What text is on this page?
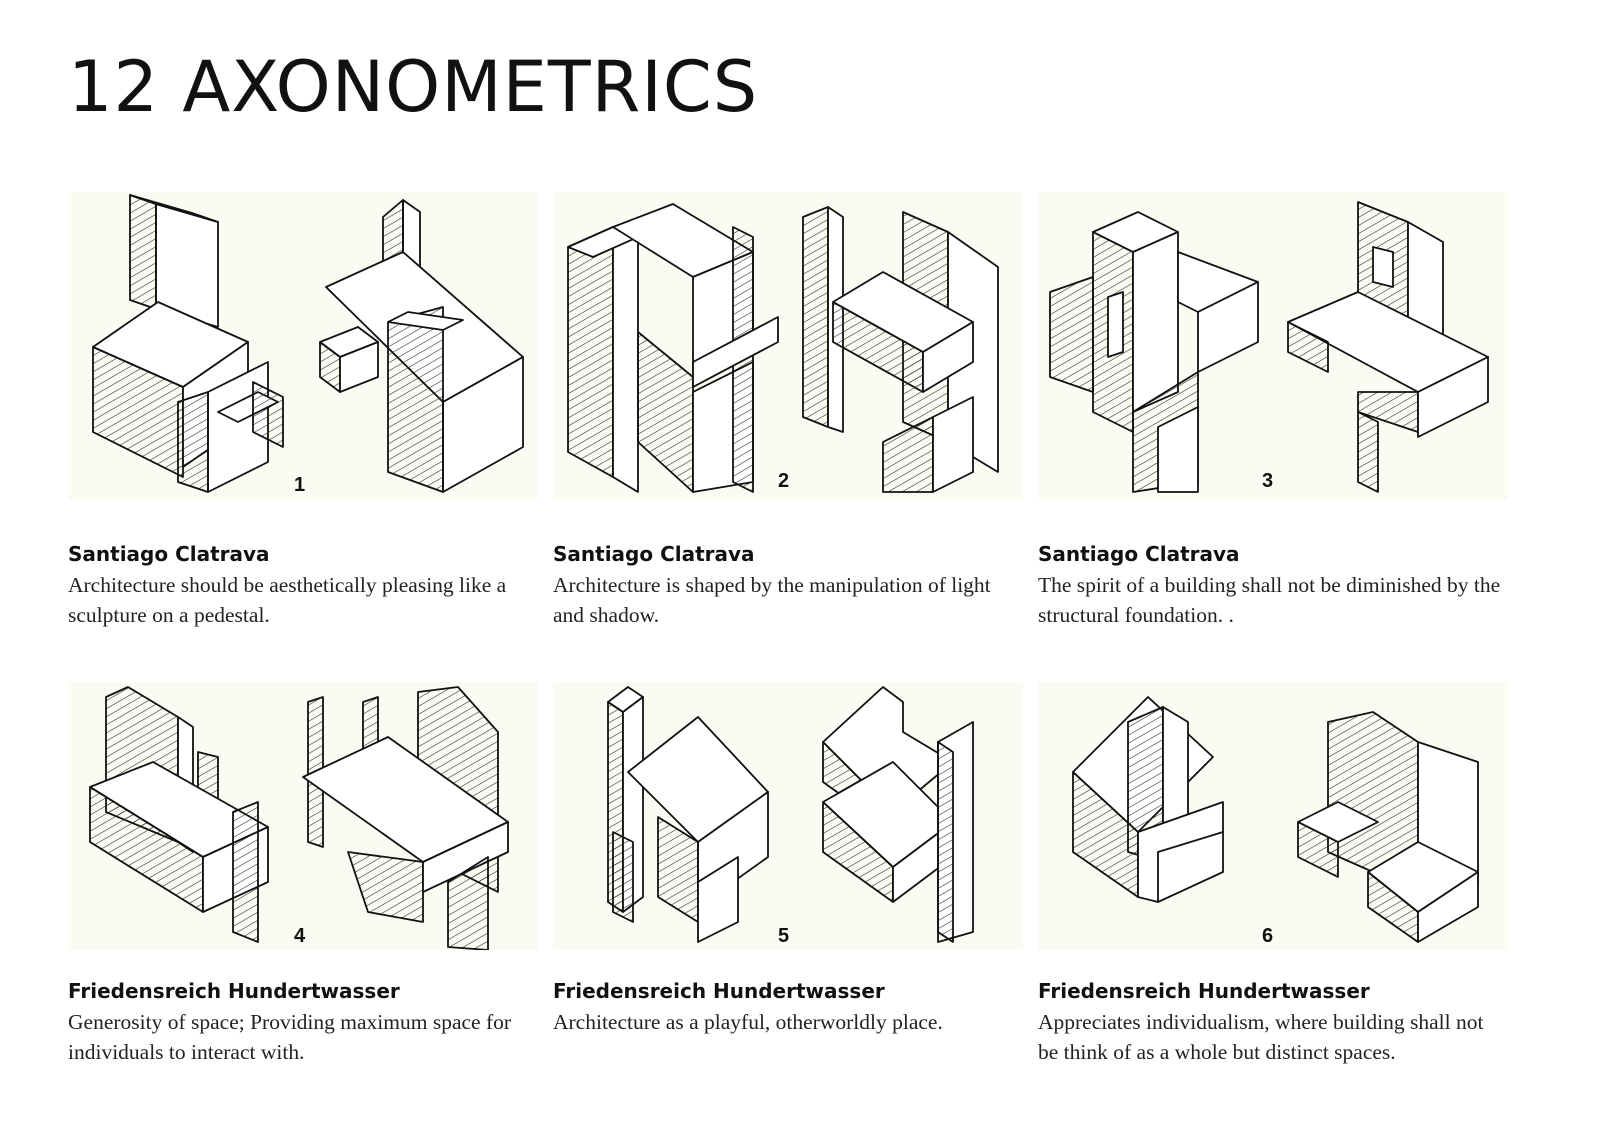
12 AXONOMETRICS
1
Santiago Clatrava
Architecture should be aesthetically pleasing like a sculpture on a pedestal.
2
Santiago Clatrava
Architecture is shaped by the manipulation of light and shadow.
3
Santiago Clatrava
The spirit of a building shall not be diminished by the structural foundation. .
4
Friedensreich Hundertwasser
Generosity of space; Providing maximum space for individuals to interact with.
5
Friedensreich Hundertwasser
Architecture as a playful, otherworldly place.
6
Friedensreich Hundertwasser
Appreciates individualism, where building shall not be think of as a whole but distinct spaces.
